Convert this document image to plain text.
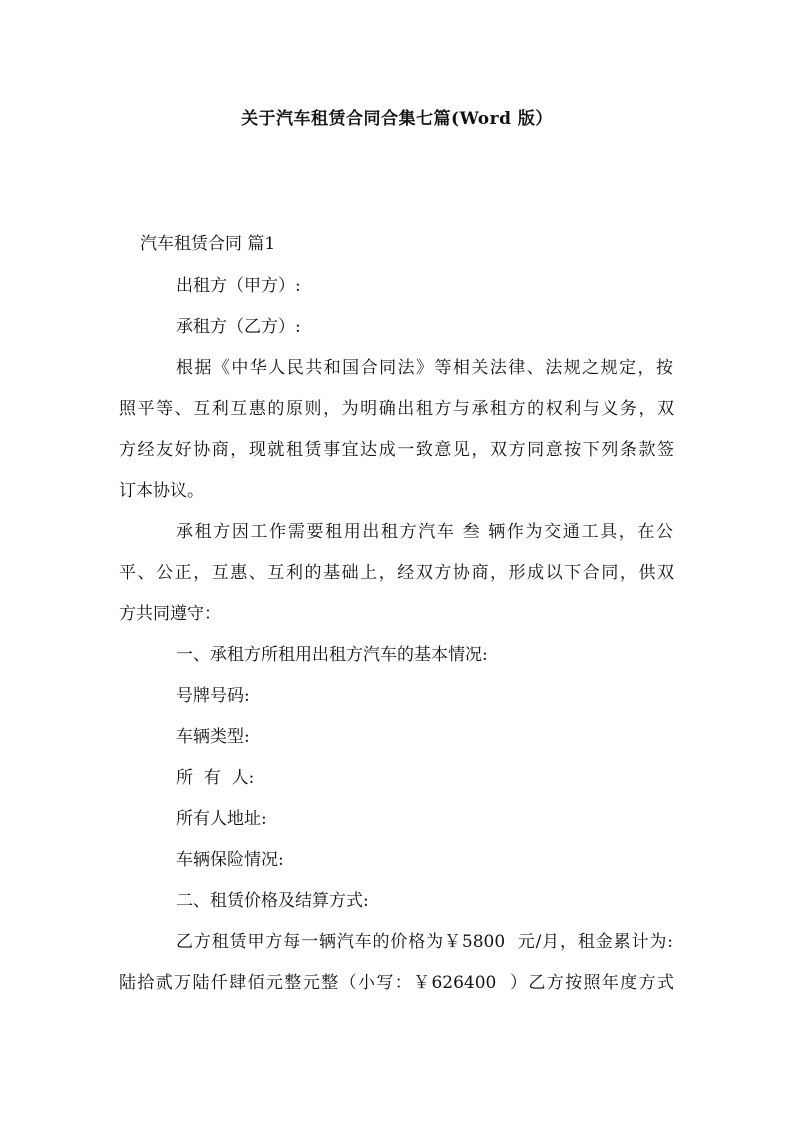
关于汽车租赁合同合集七篇(Word 版）

汽车租赁合同 篇1

出租方（甲方）:

承租方（乙方）:

根据《中华人民共和国合同法》等相关法律、法规之规定，按

照平等、互利互惠的原则，为明确出租方与承租方的权利与义务，双

方经友好协商，现就租赁事宜达成一致意见，双方同意按下列条款签

订本协议。

承租方因工作需要租用出租方汽车 叁 辆作为交通工具，在公

平、公正，互惠、互利的基础上，经双方协商，形成以下合同，供双

方共同遵守：

一、承租方所租用出租方汽车的基本情况:

号牌号码:

车辆类型:

所  有  人:

所有人地址:

车辆保险情况:

二、租赁价格及结算方式:

乙方租赁甲方每一辆汽车的价格为￥5800  元/月，租金累计为:

陆拾贰万陆仟肆佰元整元整（小写：￥626400  ）乙方按照年度方式
